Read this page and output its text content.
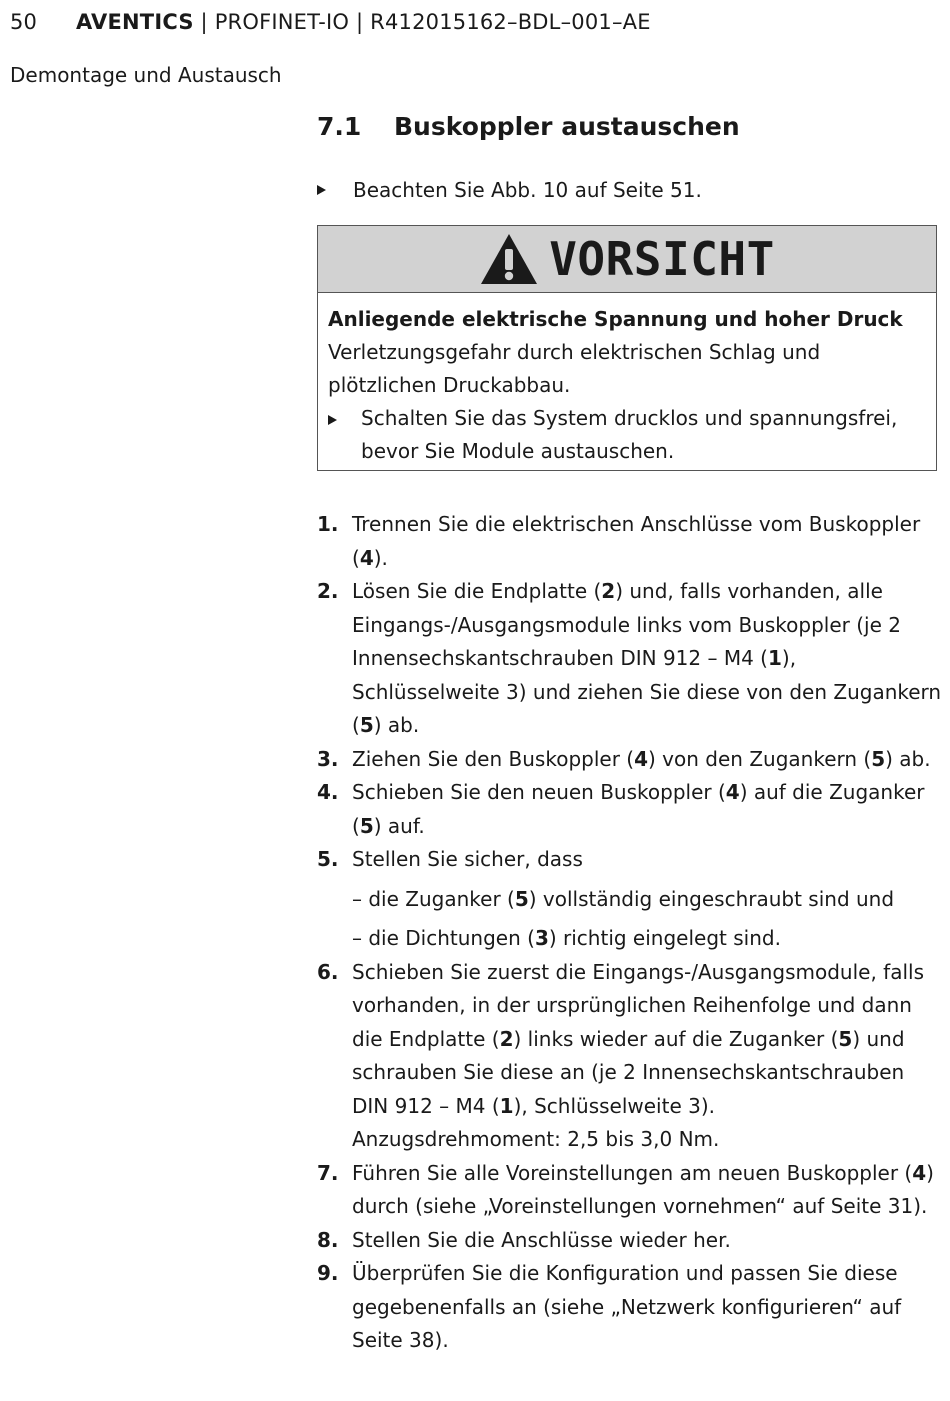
50 AVENTICS | PROFINET-IO | R412015162–BDL–001–AE
Demontage und Austausch
7.1 Buskoppler austauschen
Beachten Sie Abb. 10 auf Seite 51.
VORSICHT
Anliegende elektrische Spannung und hoher Druck
Verletzungsgefahr durch elektrischen Schlag und plötzlichen Druckabbau.
Schalten Sie das System drucklos und spannungsfrei, bevor Sie Module austauschen.
1. Trennen Sie die elektrischen Anschlüsse vom Buskoppler (4).
2. Lösen Sie die Endplatte (2) und, falls vorhanden, alle Eingangs-/Ausgangsmodule links vom Buskoppler (je 2 Innensechskantschrauben DIN 912 – M4 (1), Schlüsselweite 3) und ziehen Sie diese von den Zugankern (5) ab.
3. Ziehen Sie den Buskoppler (4) von den Zugankern (5) ab.
4. Schieben Sie den neuen Buskoppler (4) auf die Zuganker (5) auf.
5. Stellen Sie sicher, dass
– die Zuganker (5) vollständig eingeschraubt sind und
– die Dichtungen (3) richtig eingelegt sind.
6. Schieben Sie zuerst die Eingangs-/Ausgangsmodule, falls vorhanden, in der ursprünglichen Reihenfolge und dann die Endplatte (2) links wieder auf die Zuganker (5) und schrauben Sie diese an (je 2 Innensechskantschrauben DIN 912 – M4 (1), Schlüsselweite 3).
Anzugsdrehmoment: 2,5 bis 3,0 Nm.
7. Führen Sie alle Voreinstellungen am neuen Buskoppler (4) durch (siehe „Voreinstellungen vornehmen“ auf Seite 31).
8. Stellen Sie die Anschlüsse wieder her.
9. Überprüfen Sie die Konfiguration und passen Sie diese gegebenenfalls an (siehe „Netzwerk konfigurieren“ auf Seite 38).
